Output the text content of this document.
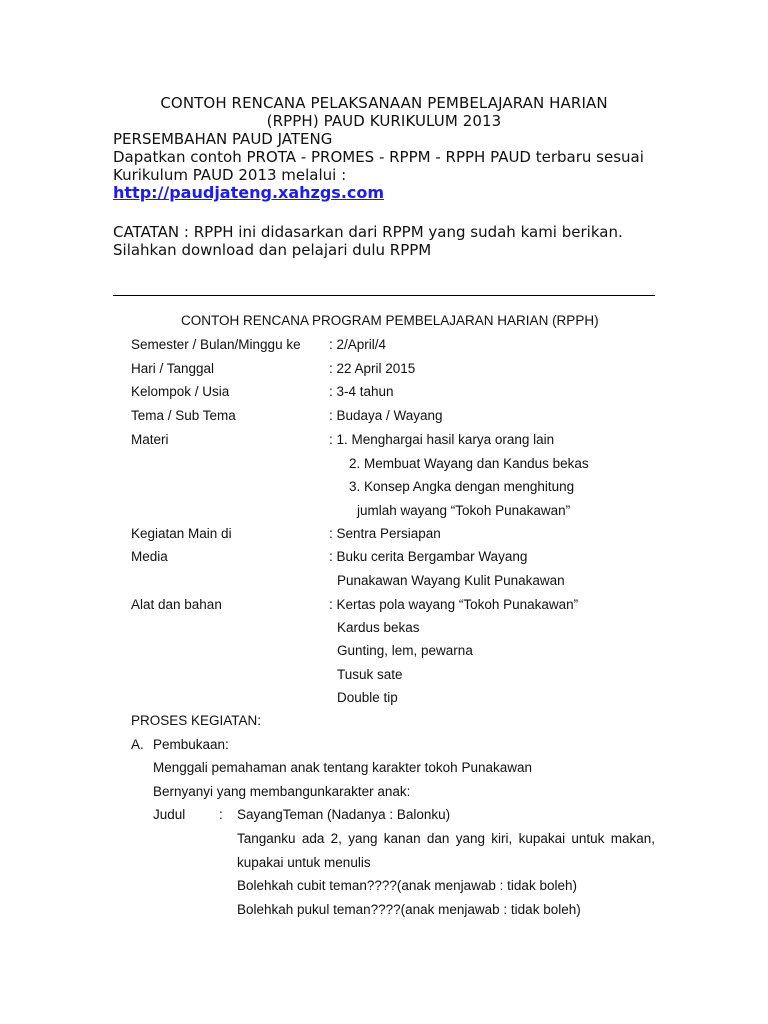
CONTOH RENCANA PELAKSANAAN PEMBELAJARAN HARIAN
(RPPH) PAUD KURIKULUM 2013
PERSEMBAHAN PAUD JATENG
Dapatkan contoh PROTA - PROMES - RPPM - RPPH PAUD terbaru sesuai
Kurikulum PAUD 2013 melalui :
http://paudjateng.xahzgs.com
CATATAN : RPPH ini didasarkan dari RPPM yang sudah kami berikan.
Silahkan download dan pelajari dulu RPPM
CONTOH RENCANA PROGRAM PEMBELAJARAN HARIAN (RPPH)
Semester / Bulan/Minggu ke : 2/April/4
Hari / Tanggal	: 22 April 2015
Kelompok / Usia	: 3-4 tahun
Tema / Sub Tema	: Budaya / Wayang
Materi	: 1. Menghargai hasil karya orang lain
2. Membuat Wayang dan Kandus bekas
3. Konsep Angka dengan menghitung
jumlah wayang “Tokoh Punakawan”
Kegiatan Main di	: Sentra Persiapan
Media	: Buku cerita Bergambar Wayang
Punakawan Wayang Kulit Punakawan
Alat dan bahan	: Kertas pola wayang “Tokoh Punakawan”
Kardus bekas
Gunting, lem, pewarna
Tusuk sate
Double tip
PROSES KEGIATAN:
A. Pembukaan:
Menggali pemahaman anak tentang karakter tokoh Punakawan
Bernyanyi yang membangunkarakter anak:
Judul : SayangTeman (Nadanya : Balonku)
Tanganku ada 2, yang kanan dan yang kiri, kupakai untuk makan,
kupakai untuk menulis
Bolehkah cubit teman????(anak menjawab : tidak boleh)
Bolehkah pukul teman????(anak menjawab : tidak boleh)
